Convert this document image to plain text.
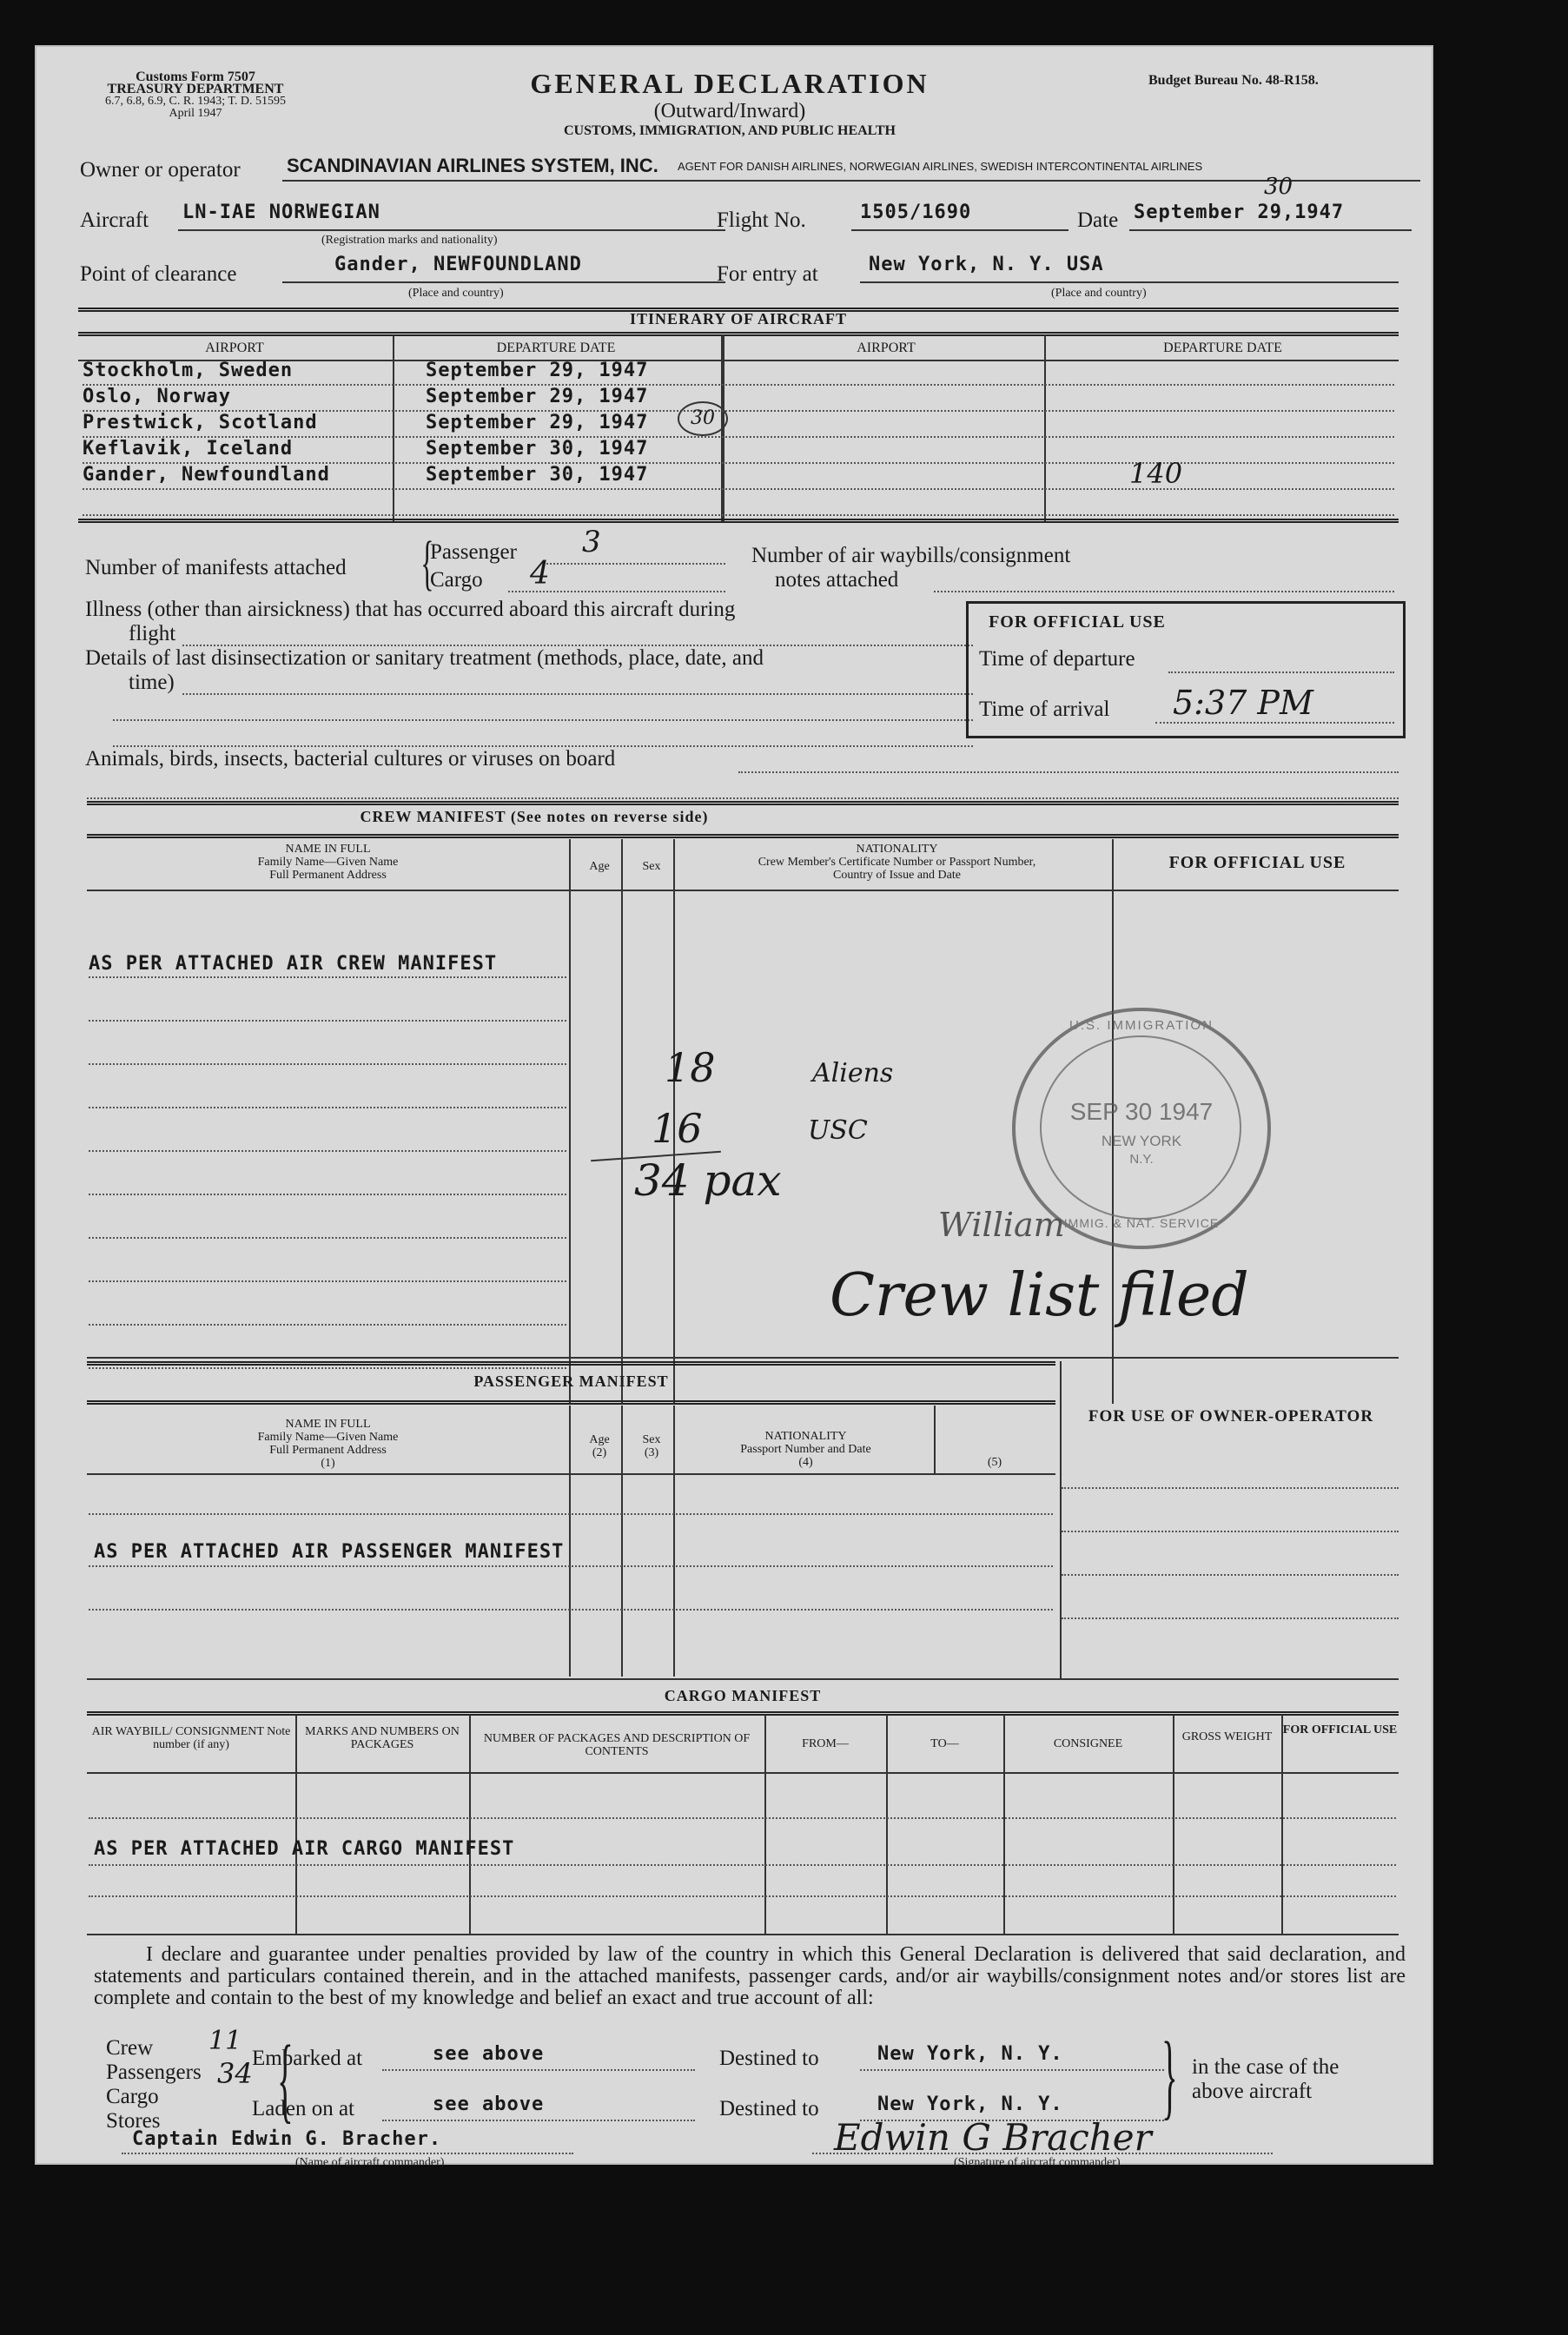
Customs Form 7507
TREASURY DEPARTMENT
6.7, 6.8, 6.9, C. R. 1943; T. D. 51595
April 1947
GENERAL DECLARATION
(Outward/Inward)
CUSTOMS, IMMIGRATION, AND PUBLIC HEALTH
Budget Bureau No. 48-R158.
Owner or operator SCANDINAVIAN AIRLINES SYSTEM, INC. AGENT FOR DANISH AIRLINES, NORWEGIAN AIRLINES, SWEDISH INTERCONTINENTAL AIRLINES
Aircraft LN-IAE NORWEGIAN
(Registration marks and nationality)
Flight No.	1505/1690	Date September 29,1947
30
Point of clearance	Gander, NEWFOUNDLAND
(Place and country)
For entry at	New York, N. Y. USA
(Place and country)
ITINERARY OF AIRCRAFT
AIRPORT	DEPARTURE DATE	AIRPORT	DEPARTURE DATE
Stockholm, Sweden	September 29, 1947
Oslo, Norway	September 29, 1947
Prestwick, Scotland	September 29, 1947
Keflavik, Iceland	September 30, 1947
Gander, Newfoundland	September 30, 1947
30
140
Number of manifests attached {
Passenger 3
Cargo 4
Number of air waybills/consignment
notes attached
Illness (other than airsickness) that has occurred aboard this aircraft during
flight
Details of last disinsectization or sanitary treatment (methods, place, date, and
time)
FOR OFFICIAL USE
Time of departure
Time of arrival 5:37 PM
Animals, birds, insects, bacterial cultures or viruses on board
CREW MANIFEST (See notes on reverse side)
NAME IN FULL
Family Name—Given Name
Full Permanent Address
Age	Sex
NATIONALITY
Crew Member's Certificate Number or Passport Number,
Country of Issue and Date
FOR OFFICIAL USE
AS PER ATTACHED AIR CREW MANIFEST
18	Aliens
16	USC
34 pax
William
Crew list filed
U.S. IMMIGRATION
SEP 30 1947
NEW YORK
N.Y.
IMMIG. & NAT. SERVICE
PASSENGER MANIFEST
FOR USE OF OWNER-OPERATOR
NAME IN FULL
Family Name—Given Name
Full Permanent Address
(1)
Age
(2)
Sex
(3)
NATIONALITY
Passport Number and Date
(4)	(5)
AS PER ATTACHED AIR PASSENGER MANIFEST
CARGO MANIFEST
AIR WAYBILL/ CONSIGNMENT Note number (if any)
MARKS AND NUMBERS ON PACKAGES	NUMBER OF PACKAGES AND DESCRIPTION OF CONTENTS
FROM—	TO—	CONSIGNEE
GROSS WEIGHT
FOR OFFICIAL USE
AS PER ATTACHED AIR CARGO MANIFEST
I declare and guarantee under penalties provided by law of the country in which this General Declaration is delivered that said declaration, and statements and particulars contained therein, and in the attached manifests, passenger cards, and/or air waybills/consignment notes and/or stores list are complete and contain to the best of my knowledge and belief an exact and true account of all:
Crew 11
Passengers 34
Cargo
Stores {
Embarked at	see above
Laden on at	see above
Destined to	New York, N. Y.
Destined to	New York, N. Y. } in the case of the
above aircraft
Captain Edwin G. Bracher.
(Name of aircraft commander)
Edwin G Bracher
(Signature of aircraft commander)
